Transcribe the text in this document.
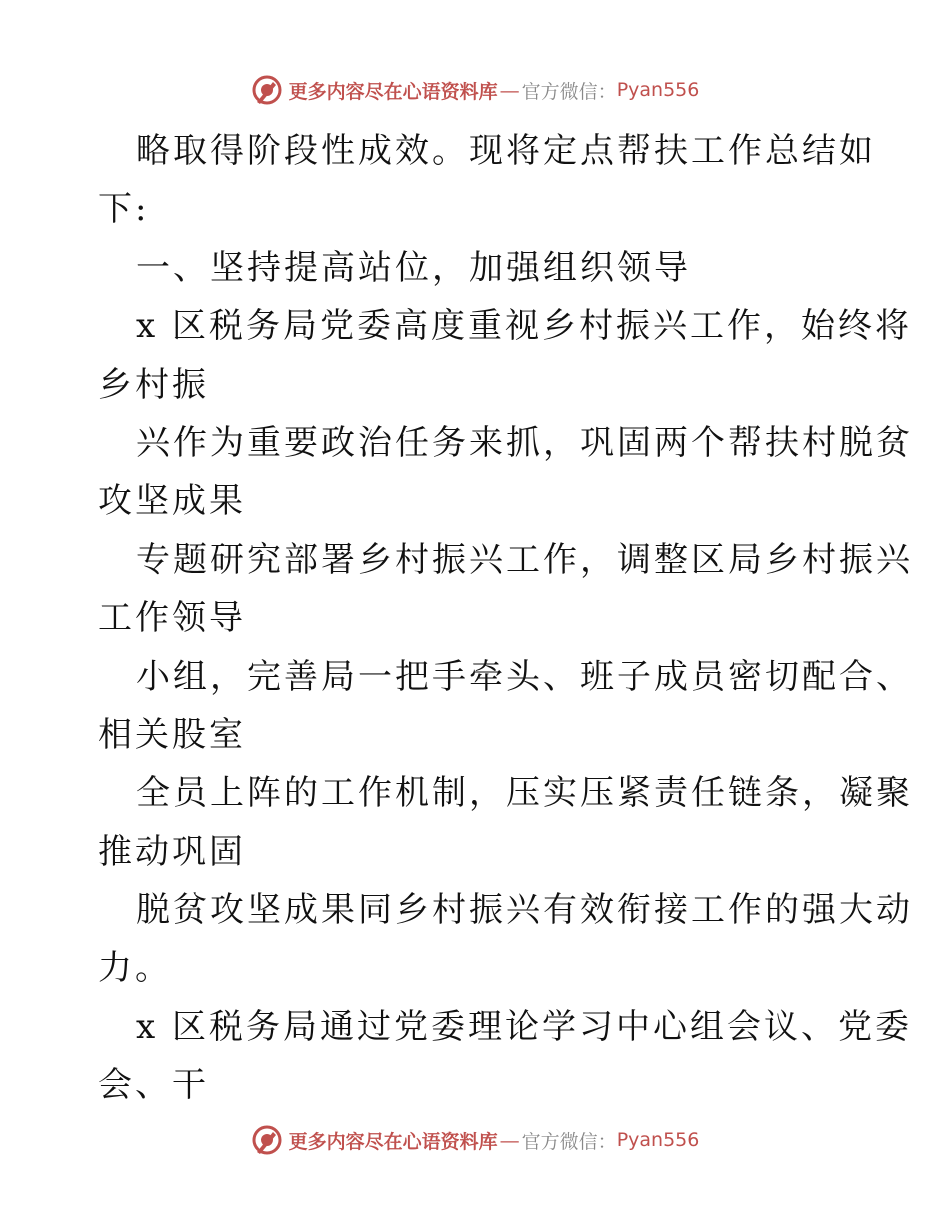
更多内容尽在心语资料库 — 官方微信： Pyan556
略取得阶段性成效。现将定点帮扶工作总结如
下:
一、坚持提高站位，加强组织领导
x 区税务局党委高度重视乡村振兴工作，始终将
乡村振
兴作为重要政治任务来抓，巩固两个帮扶村脱贫
攻坚成果
专题研究部署乡村振兴工作，调整区局乡村振兴
工作领导
小组，完善局一把手牵头、班子成员密切配合、
相关股室
全员上阵的工作机制，压实压紧责任链条，凝聚
推动巩固
脱贫攻坚成果同乡村振兴有效衔接工作的强大动
力。
x 区税务局通过党委理论学习中心组会议、党委
会、干
更多内容尽在心语资料库 — 官方微信： Pyan556
